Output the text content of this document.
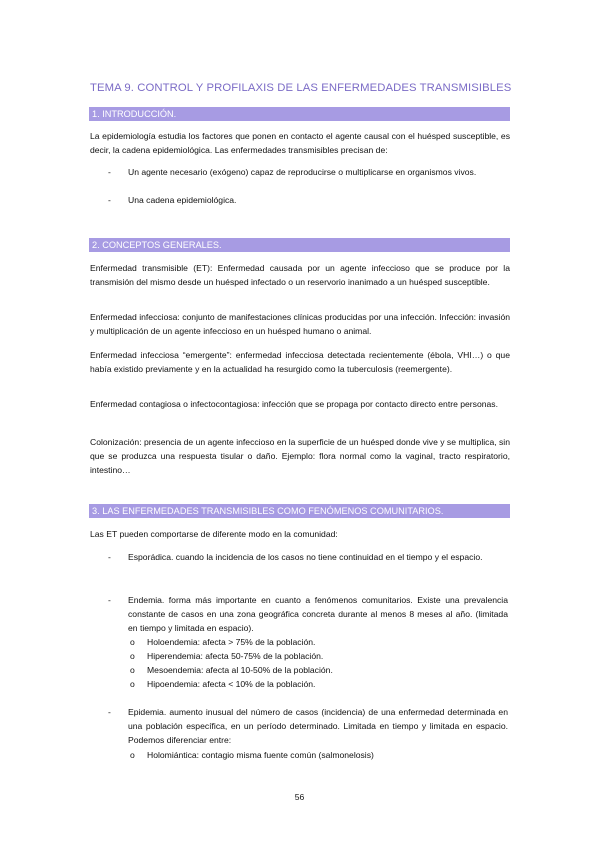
TEMA 9. CONTROL Y PROFILAXIS DE LAS ENFERMEDADES TRANSMISIBLES
1. INTRODUCCIÓN.
La epidemiología estudia los factores que ponen en contacto el agente causal con el huésped susceptible, es decir, la cadena epidemiológica. Las enfermedades transmisibles precisan de:
- Un agente necesario (exógeno) capaz de reproducirse o multiplicarse en organismos vivos.
- Una cadena epidemiológica.
2. CONCEPTOS GENERALES.
Enfermedad transmisible (ET): Enfermedad causada por un agente infeccioso que se produce por la transmisión del mismo desde un huésped infectado o un reservorio inanimado a un huésped susceptible.
Enfermedad infecciosa: conjunto de manifestaciones clínicas producidas por una infección. Infección: invasión y multiplicación de un agente infeccioso en un huésped humano o animal.
Enfermedad infecciosa “emergente”: enfermedad infecciosa detectada recientemente (ébola, VHI…) o que había existido previamente y en la actualidad ha resurgido como la tuberculosis (reemergente).
Enfermedad contagiosa o infectocontagiosa: infección que se propaga por contacto directo entre personas.
Colonización: presencia de un agente infeccioso en la superficie de un huésped donde vive y se multiplica, sin que se produzca una respuesta tisular o daño. Ejemplo: flora normal como la vaginal, tracto respiratorio, intestino…
3. LAS ENFERMEDADES TRANSMISIBLES COMO FENÓMENOS COMUNITARIOS.
Las ET pueden comportarse de diferente modo en la comunidad:
- Esporádica. cuando la incidencia de los casos no tiene continuidad en el tiempo y el espacio.
- Endemia. forma más importante en cuanto a fenómenos comunitarios. Existe una prevalencia constante de casos en una zona geográfica concreta durante al menos 8 meses al año. (limitada en tiempo y limitada en espacio).
o Holoendemia: afecta > 75% de la población.
o Hiperendemia: afecta 50-75% de la población.
o Mesoendemia: afecta al 10-50% de la población.
o Hipoendemia: afecta < 10% de la población.
- Epidemia. aumento inusual del número de casos (incidencia) de una enfermedad determinada en una población específica, en un período determinado. Limitada en tiempo y limitada en espacio. Podemos diferenciar entre:
o Holomiántica: contagio misma fuente común (salmonelosis)
56
